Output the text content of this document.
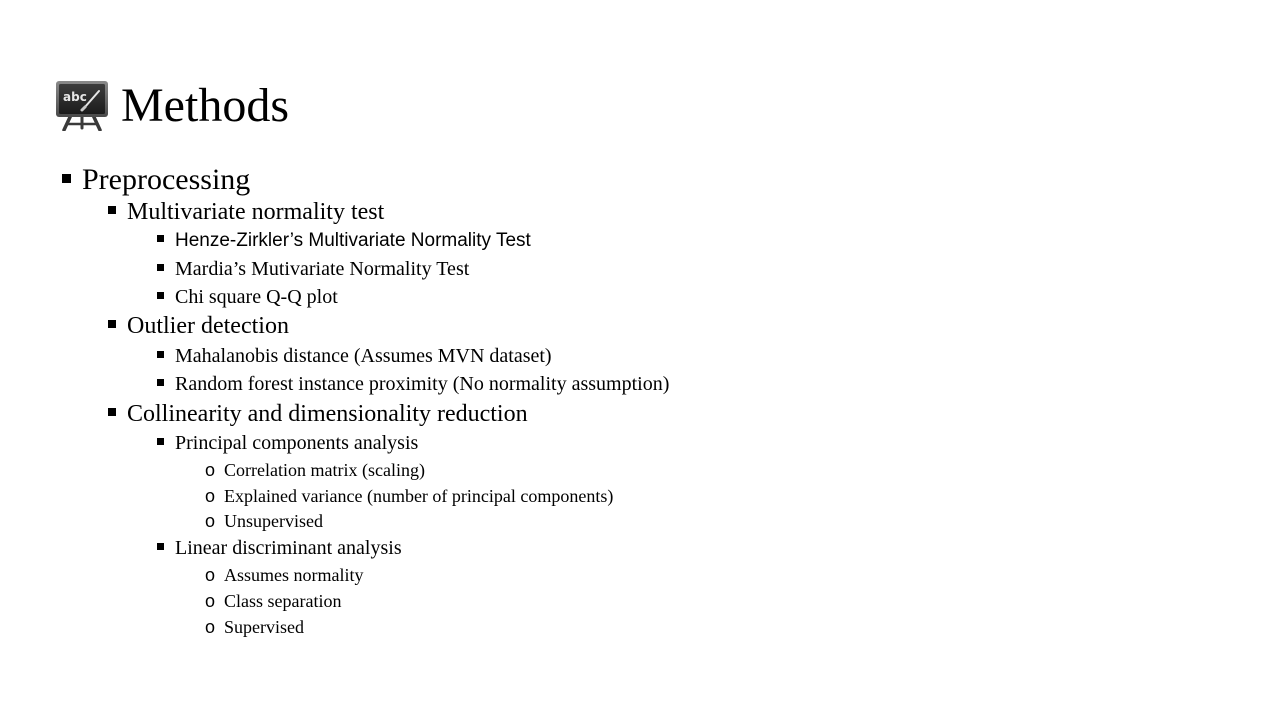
abc Methods
Preprocessing
Multivariate normality test
Henze-Zirkler’s Multivariate Normality Test
Mardia’s Mutivariate Normality Test
Chi square Q-Q plot
Outlier detection
Mahalanobis distance (Assumes MVN dataset)
Random forest instance proximity (No normality assumption)
Collinearity and dimensionality reduction
Principal components analysis
o Correlation matrix (scaling)
o Explained variance (number of principal components)
o Unsupervised
Linear discriminant analysis
o Assumes normality
o Class separation
o Supervised
